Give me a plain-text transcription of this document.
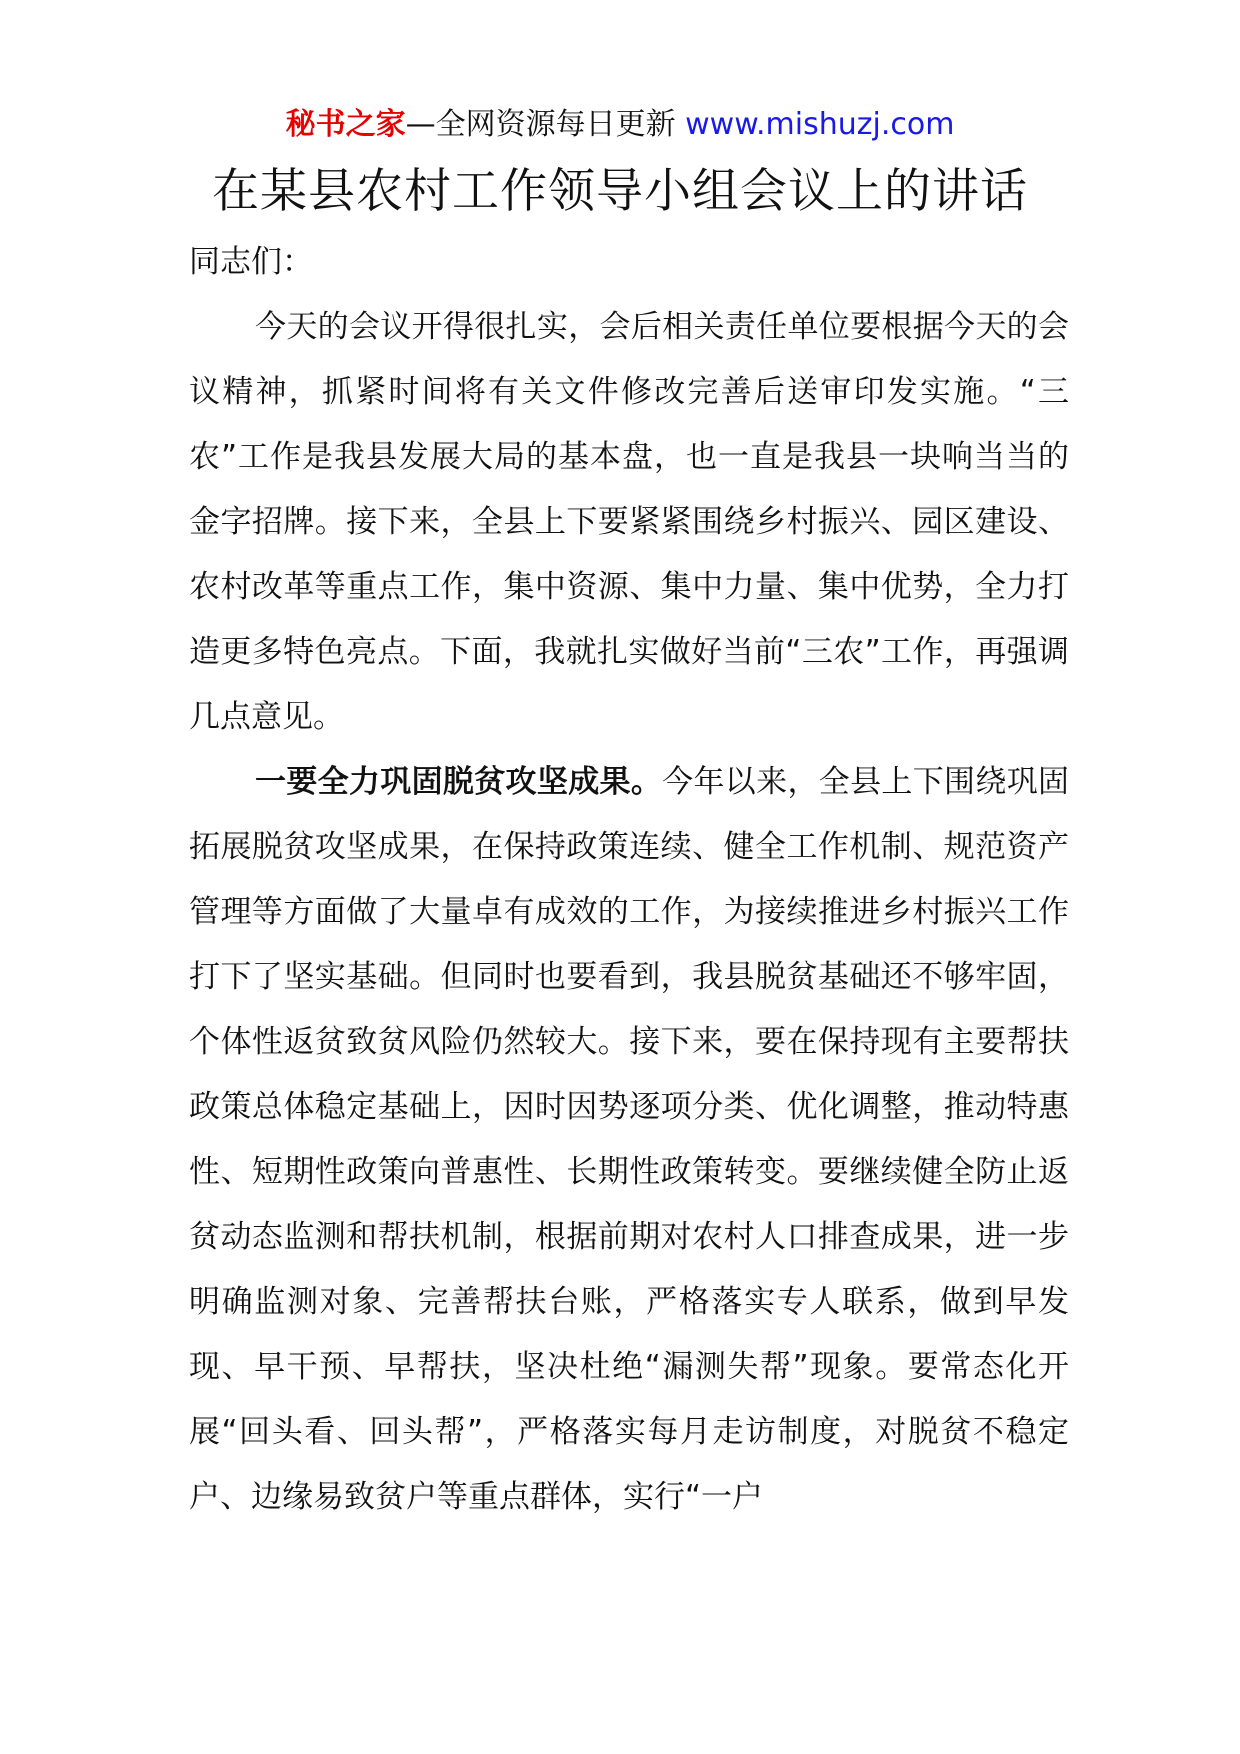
秘书之家—全网资源每日更新 www.mishuzj.com
在某县农村工作领导小组会议上的讲话

同志们：

今天的会议开得很扎实，会后相关责任单位要根据今天的会议精神，抓紧时间将有关文件修改完善后送审印发实施。“三农”工作是我县发展大局的基本盘，也一直是我县一块响当当的金字招牌。接下来，全县上下要紧紧围绕乡村振兴、园区建设、农村改革等重点工作，集中资源、集中力量、集中优势，全力打造更多特色亮点。下面，我就扎实做好当前“三农”工作，再强调几点意见。

一要全力巩固脱贫攻坚成果。今年以来，全县上下围绕巩固拓展脱贫攻坚成果，在保持政策连续、健全工作机制、规范资产管理等方面做了大量卓有成效的工作，为接续推进乡村振兴工作打下了坚实基础。但同时也要看到，我县脱贫基础还不够牢固，个体性返贫致贫风险仍然较大。接下来，要在保持现有主要帮扶政策总体稳定基础上，因时因势逐项分类、优化调整，推动特惠性、短期性政策向普惠性、长期性政策转变。要继续健全防止返贫动态监测和帮扶机制，根据前期对农村人口排查成果，进一步明确监测对象、完善帮扶台账，严格落实专人联系，做到早发现、早干预、早帮扶，坚决杜绝“漏测失帮”现象。要常态化开展“回头看、回头帮”，严格落实每月走访制度，对脱贫不稳定户、边缘易致贫户等重点群体，实行“一户
